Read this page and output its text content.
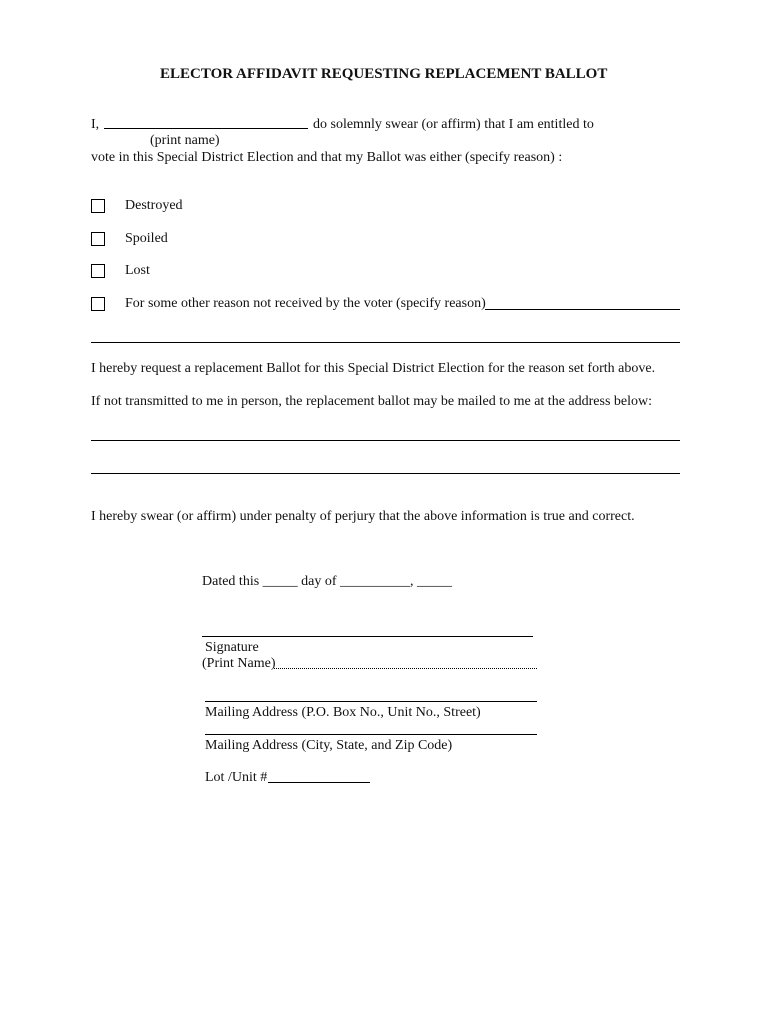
ELECTOR AFFIDAVIT REQUESTING REPLACEMENT BALLOT
I,	do solemnly swear (or affirm) that I am entitled to
(print name)
vote in this Special District Election and that my Ballot was either (specify reason) :
Destroyed
Spoiled
Lost
For some other reason not received by the voter (specify reason)
I hereby request a replacement Ballot for this Special District Election for the reason set forth above.
If not transmitted to me in person, the replacement ballot may be mailed to me at the address below:
I hereby swear (or affirm) under penalty of perjury that the above information is true and correct.
Dated this _____ day of __________, _____
Signature
(Print Name)
Mailing Address (P.O. Box No., Unit No., Street)
Mailing Address (City, State, and Zip Code)
Lot /Unit #
